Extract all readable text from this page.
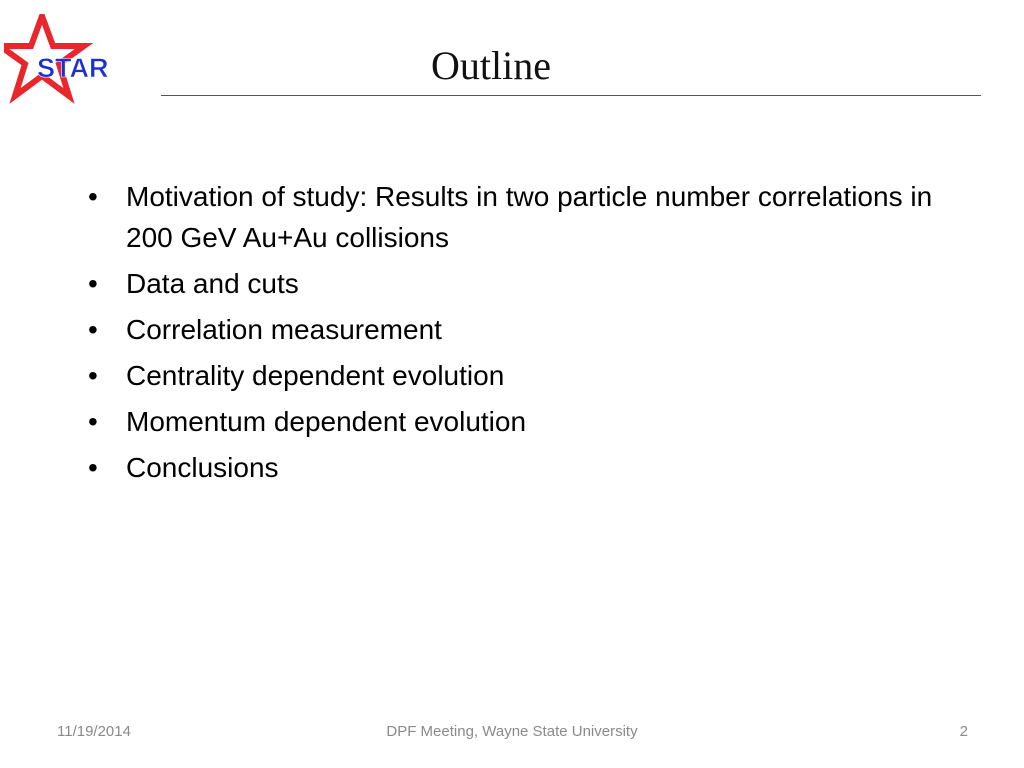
STAR	Outline
• Motivation of study: Results in two particle number correlations in 200 GeV Au+Au collisions
• Data and cuts
• Correlation measurement
• Centrality dependent evolution
• Momentum dependent evolution
• Conclusions
11/19/2014	DPF Meeting, Wayne State University	2
